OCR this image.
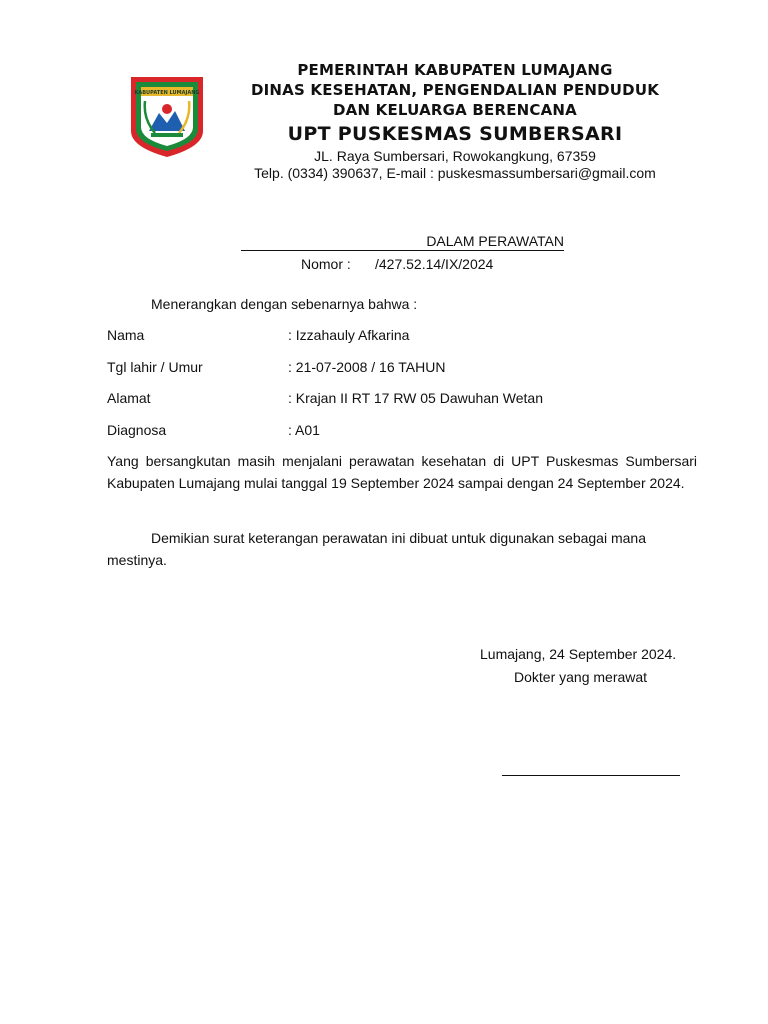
KABUPATEN LUMAJANG
PEMERINTAH KABUPATEN LUMAJANG
DINAS KESEHATAN, PENGENDALIAN PENDUDUK
DAN KELUARGA BERENCANA
UPT PUSKESMAS SUMBERSARI
JL. Raya Sumbersari, Rowokangkung, 67359
Telp. (0334) 390637, E-mail : puskesmassumbersari@gmail.com
DALAM PERAWATAN
Nomor : /427.52.14/IX/2024
Menerangkan dengan sebenarnya bahwa :
Nama	: Izzahauly Afkarina
Tgl lahir / Umur	: 21-07-2008 / 16 TAHUN
Alamat	: Krajan II RT 17 RW 05 Dawuhan Wetan
Diagnosa	: A01
Yang bersangkutan masih menjalani perawatan kesehatan di UPT Puskesmas Sumbersari Kabupaten Lumajang mulai tanggal 19 September 2024 sampai dengan 24 September 2024.
Demikian surat keterangan perawatan ini dibuat untuk digunakan sebagai mana mestinya.
Lumajang, 24 September 2024.
Dokter yang merawat
